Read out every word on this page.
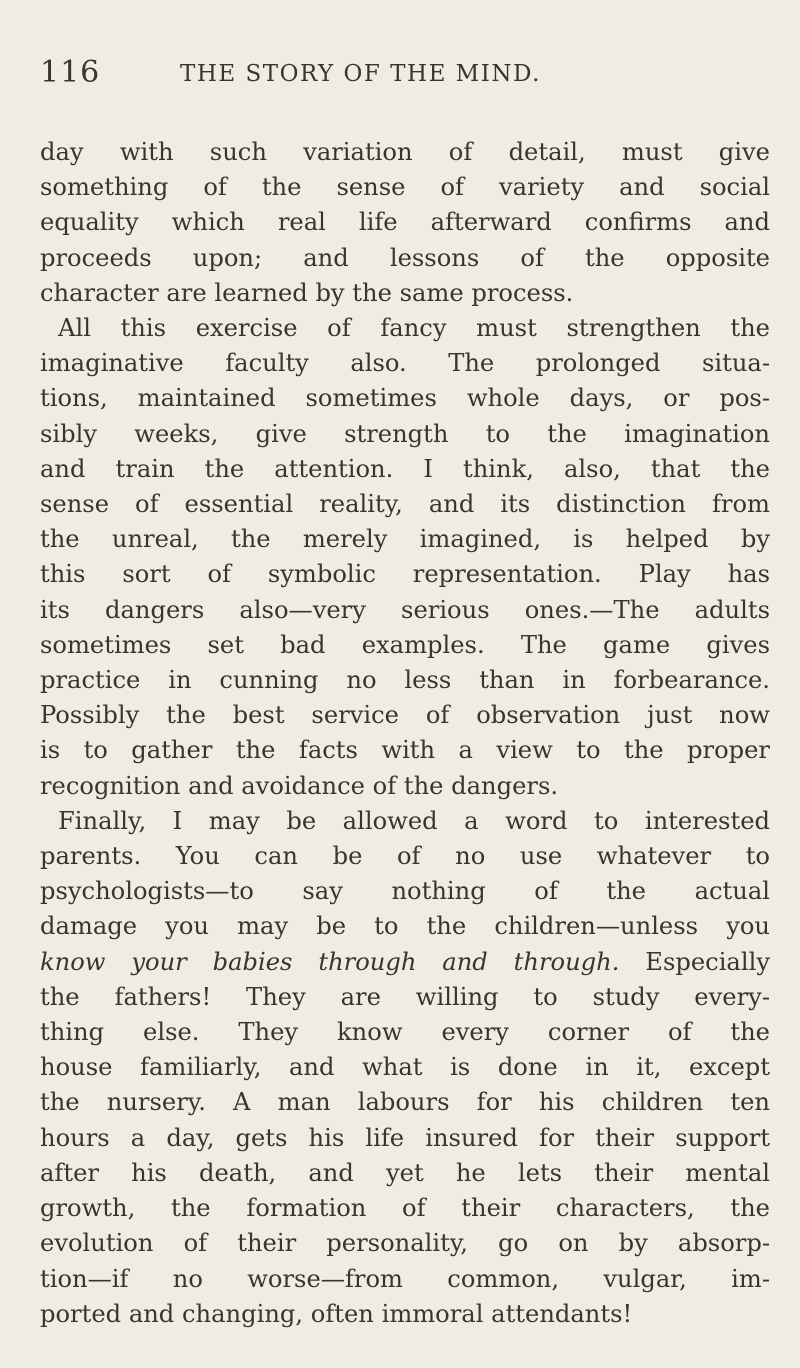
116	THE STORY OF THE MIND.
day with such variation of detail, must give
something of the sense of variety and social
equality which real life afterward confirms and
proceeds upon; and lessons of the opposite
character are learned by the same process.
All this exercise of fancy must strengthen the
imaginative faculty also. The prolonged situa-
tions, maintained sometimes whole days, or pos-
sibly weeks, give strength to the imagination
and train the attention. I think, also, that the
sense of essential reality, and its distinction from
the unreal, the merely imagined, is helped by
this sort of symbolic representation. Play has
its dangers also—very serious ones.—The adults
sometimes set bad examples. The game gives
practice in cunning no less than in forbearance.
Possibly the best service of observation just now
is to gather the facts with a view to the proper
recognition and avoidance of the dangers.
Finally, I may be allowed a word to interested
parents. You can be of no use whatever to
psychologists—to say nothing of the actual
damage you may be to the children—unless you
know your babies through and through. Especially
the fathers! They are willing to study every-
thing else. They know every corner of the
house familiarly, and what is done in it, except
the nursery. A man labours for his children ten
hours a day, gets his life insured for their support
after his death, and yet he lets their mental
growth, the formation of their characters, the
evolution of their personality, go on by absorp-
tion—if no worse—from common, vulgar, im-
ported and changing, often immoral attendants!
